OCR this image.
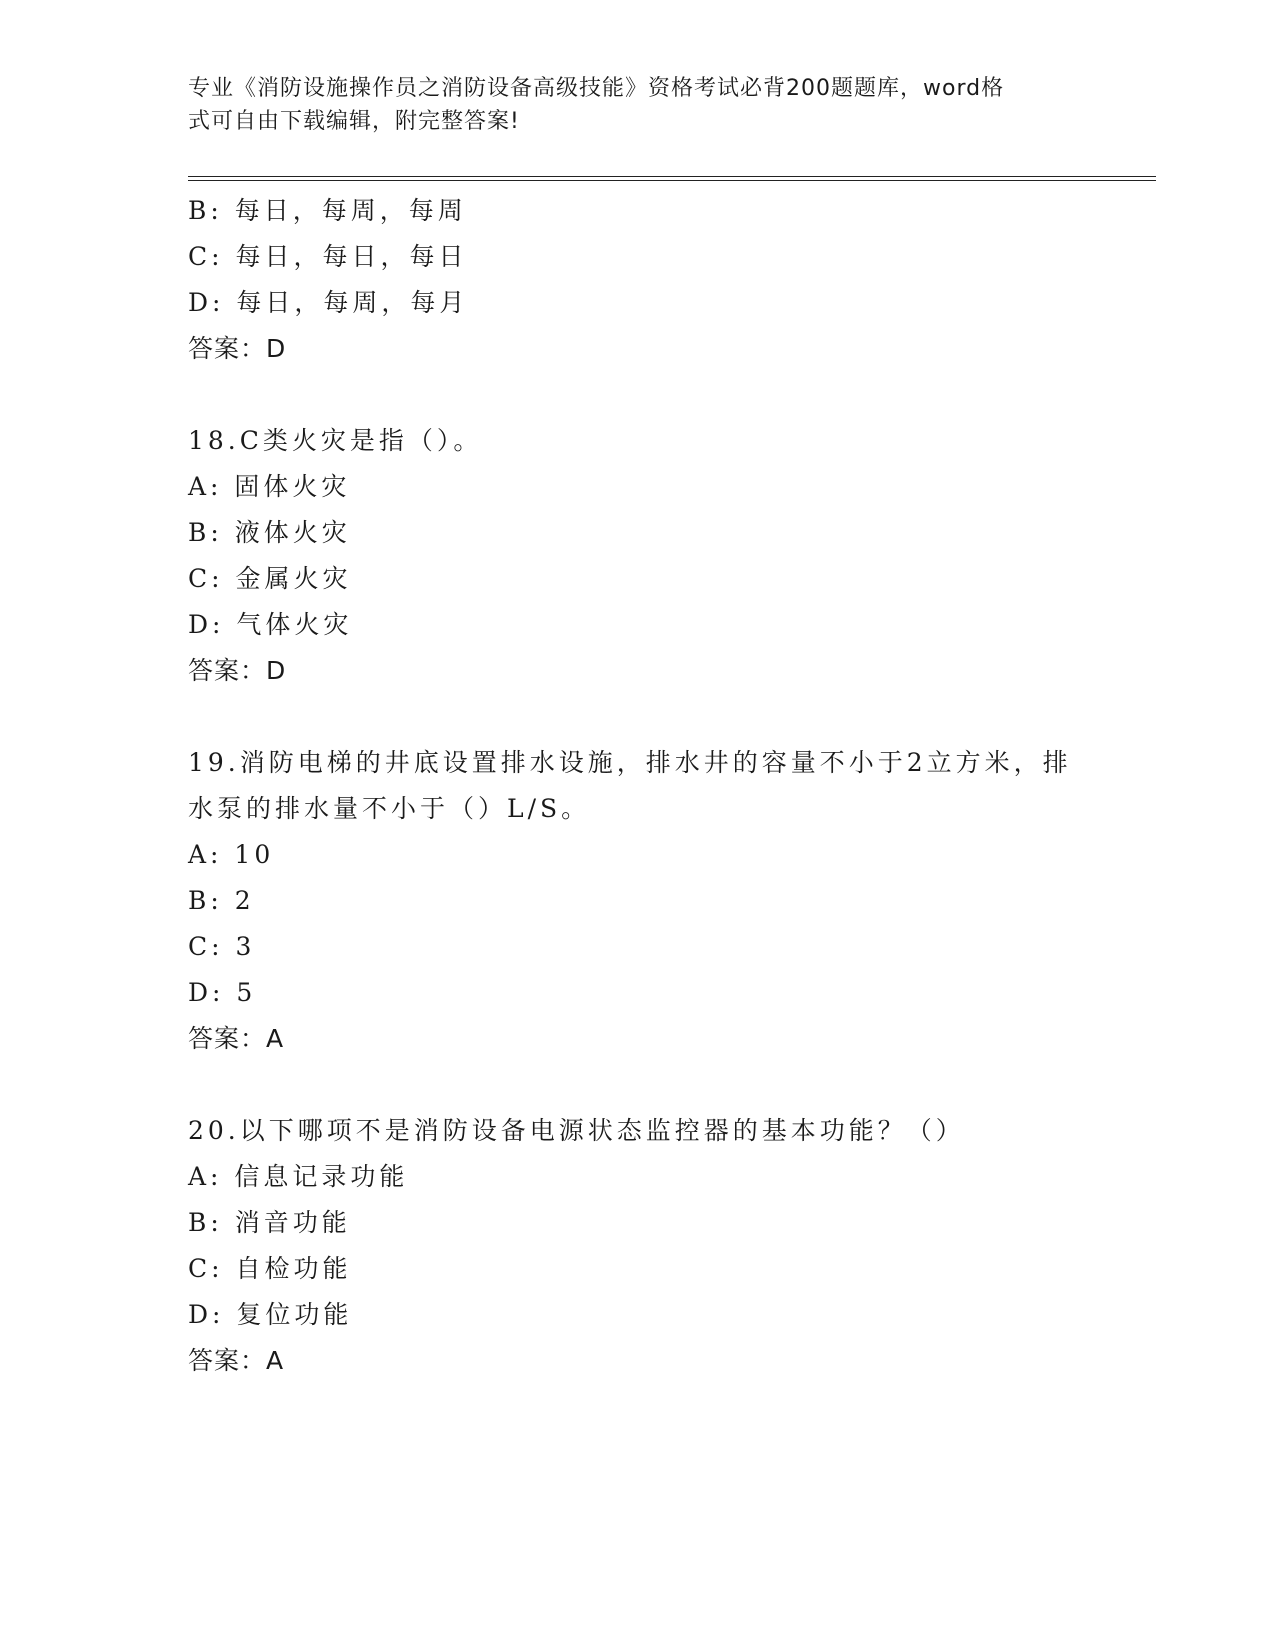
专业《消防设施操作员之消防设备高级技能》资格考试必背200题题库，word格
式可自由下载编辑，附完整答案!
B: 每日，每周，每周
C: 每日，每日，每日
D: 每日，每周，每月
答案：D
18.C类火灾是指（）。
A: 固体火灾
B: 液体火灾
C: 金属火灾
D: 气体火灾
答案：D
19.消防电梯的井底设置排水设施，排水井的容量不小于2立方米，排
水泵的排水量不小于（）L/S。
A: 10
B: 2
C: 3
D: 5
答案：A
20.以下哪项不是消防设备电源状态监控器的基本功能？（）
A: 信息记录功能
B: 消音功能
C: 自检功能
D: 复位功能
答案：A
